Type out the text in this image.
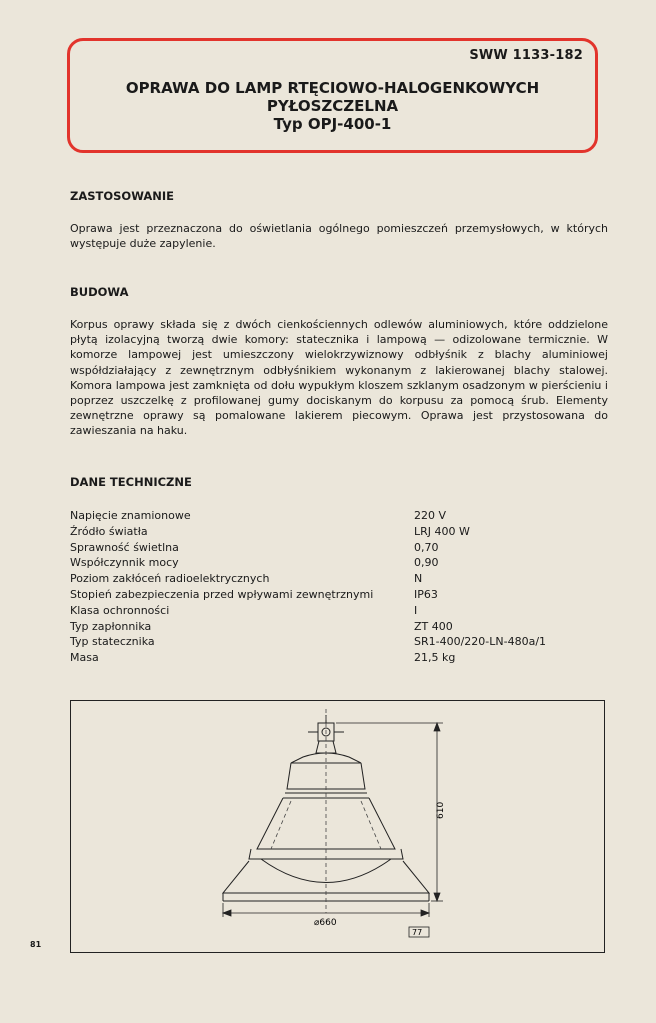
SWW 1133-182
OPRAWA DO LAMP RTĘCIOWO-HALOGENKOWYCH
PYŁOSZCZELNA
Typ OPJ-400-1
ZASTOSOWANIE
Oprawa jest przeznaczona do oświetlania ogólnego pomieszczeń przemysłowych, w których występuje duże zapylenie.
BUDOWA
Korpus oprawy składa się z dwóch cienkościennych odlewów aluminiowych, które oddzielone płytą izolacyjną tworzą dwie komory: statecznika i lampową — odizolowane termicznie. W komorze lampowej jest umieszczony wielokrzywiznowy odbłyśnik z blachy aluminiowej współdziałający z zewnętrznym odbłyśnikiem wykonanym z lakierowanej blachy stalowej. Komora lampowa jest zamknięta od dołu wypukłym kloszem szklanym osadzonym w pierścieniu i poprzez uszczelkę z profilowanej gumy dociskanym do korpusu za pomocą śrub. Elementy zewnętrzne oprawy są pomalowane lakierem piecowym. Oprawa jest przystosowana do zawieszania na haku.
DANE TECHNICZNE
Napięcie znamionowe	220 V
Źródło światła	LRJ 400 W
Sprawność świetlna	0,70
Współczynnik mocy	0,90
Poziom zakłóceń radioelektrycznych	N
Stopień zabezpieczenia przed wpływami zewnętrznymi	IP63
Klasa ochronności	I
Typ zapłonnika	ZT 400
Typ statecznika	SR1-400/220-LN-480a/1
Masa	21,5 kg
610
⌀660
77
81
